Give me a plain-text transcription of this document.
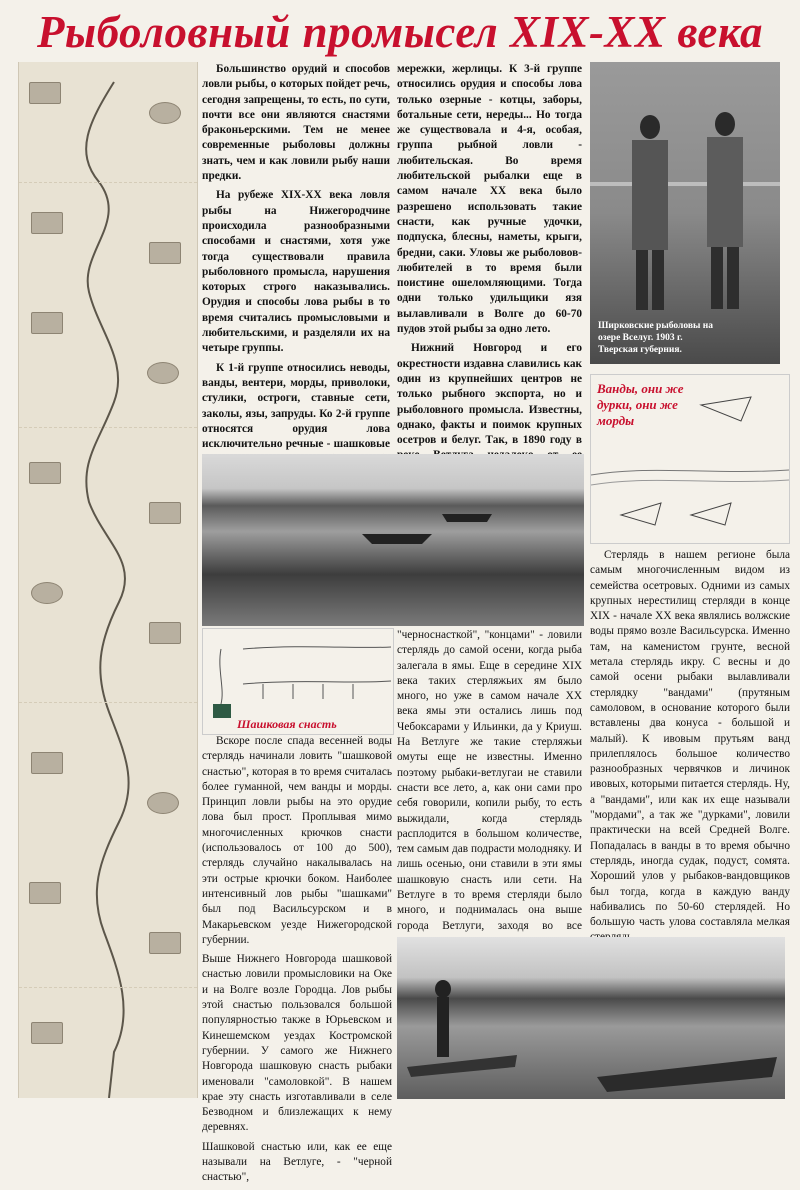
Рыболовный промысел XIX-XX века

Большинство орудий и способов ловли рыбы, о которых пойдет речь, сегодня запрещены, то есть, по сути, почти все они являются снастями браконьерскими. Тем не менее современные рыболовы должны знать, чем и как ловили рыбу наши предки.

На рубеже XIX-XX века ловля рыбы на Нижегородчине происходила разнообразными способами и снастями, хотя уже тогда существовали правила рыболовного промысла, нарушения которых строго наказывались. Орудия и способы лова рыбы в то время считались промысловыми и любительскими, и разделяли их на четыре группы.

К 1-й группе относились неводы, ванды, вентери, морды, приволоки, стулики, остроги, ставные сети, заколы, язы, запруды. Ко 2-й группе относятся орудия лова исключительно речные - шашковые

мережки, жерлицы. К 3-й группе относились орудия и способы лова только озерные - котцы, заборы, ботальные сети, нереды... Но тогда же существовала и 4-я, особая, группа рыбной ловли - любительская. Во время любительской рыбалки еще в самом начале XX века было разрешено использовать такие снасти, как ручные удочки, подпуска, блесны, наметы, крыги, бредни, саки. Уловы же рыболовов-любителей в то время были поистине ошеломляющими. Тогда одни только удильщики язя вылавливали в Волге до 60-70 пудов этой рыбы за одно лето.

Нижний Новгород и его окрестности издавна славились как один из крупнейших центров не только рыбного экспорта, но и рыболовного промысла. Известны, однако, факты и поимок крупных осетров и белуг. Так, в 1890 году в

Ширковские рыболовы на озере Вселуг. 1903 г. Тверская губерния.
Ванды, они же дурки, они же морды
Шашковая снасть

Вскоре после спада весенней воды стерлядь начинали ловить "шашковой снастью", которая в то время считалась более гуманной, чем ванды и морды. Принцип ловли рыбы на это орудие лова был прост. Проплывая мимо многочисленных крючков снасти (использовалось от 100 до 500), стерлядь случайно накалывалась на эти острые крючки боком. Наиболее интенсивный лов рыбы "шашками" был под Васильсурском и в Макарьевском уезде Нижегородской губернии.

Выше Нижнего Новгорода шашковой снастью ловили промысловики на Оке и на Волге возле Городца. Лов рыбы этой снастью пользовался большой популярностью также в Юрьевском и Кинешемском уездах Костромской губернии. У самого же Нижнего Новгорода шашковую снасть рыбаки именовали "самоловкой". В нашем крае эту снасть изготавливали в селе Безводном и близлежащих к нему деревнях.

Шашковой снастью или, как ее еще называли на Ветлуге, - "черной снастью",

"черноснасткой", "концами" - ловили стерлядь до самой осени, когда рыба залегала в ямы. Еще в середине XIX века таких стерляжьих ям было много, но уже в самом начале XX века ямы эти остались лишь под Чебоксарами у Ильинки, да у Криуш. На Ветлуге же такие стерляжьи омуты еще не известны. Именно поэтому рыбаки-ветлугаи не ставили снасти все лето, а, как они сами про себя говорили, копили рыбу, то есть выжидали, когда стерлядь расплодится в большом количестве, тем самым дав подрасти молодняку. И лишь осенью, они ставили в эти ямы шашковую снасть или сети. На Ветлуге в то время стерляди было много, и поднималась она выше города Ветлуги, заходя во все

Стерлядь в нашем регионе была самым многочисленным видом из семейства осетровых. Одними из самых крупных нерестилищ стерляди в конце XIX - начале XX века являлись волжские воды прямо возле Васильсурска. Именно там, на каменистом грунте, весной метала стерлядь икру. С весны и до самой осени рыбаки вылавливали стерлядку "вандами" (прутяным самоловом, в основание которого были вставлены два конуса - большой и малый). К ивовым прутьям ванд прилеплялось большое количество разнообразных червячков и личинок ивовых, которыми питается стерлядь. Ну, а "вандами", или как их еще называли "мордами", а так же "дурками", ловили практически на всей Средней Волге. Попадалась в ванды в то время обычно стерлядь, иногда судак, подуст, сомята. Хороший улов у рыбаков-вандовщиков был тогда, когда в каждую ванду набивались по 50-60 стерлядей. Но большую часть улова составляла мелкая
